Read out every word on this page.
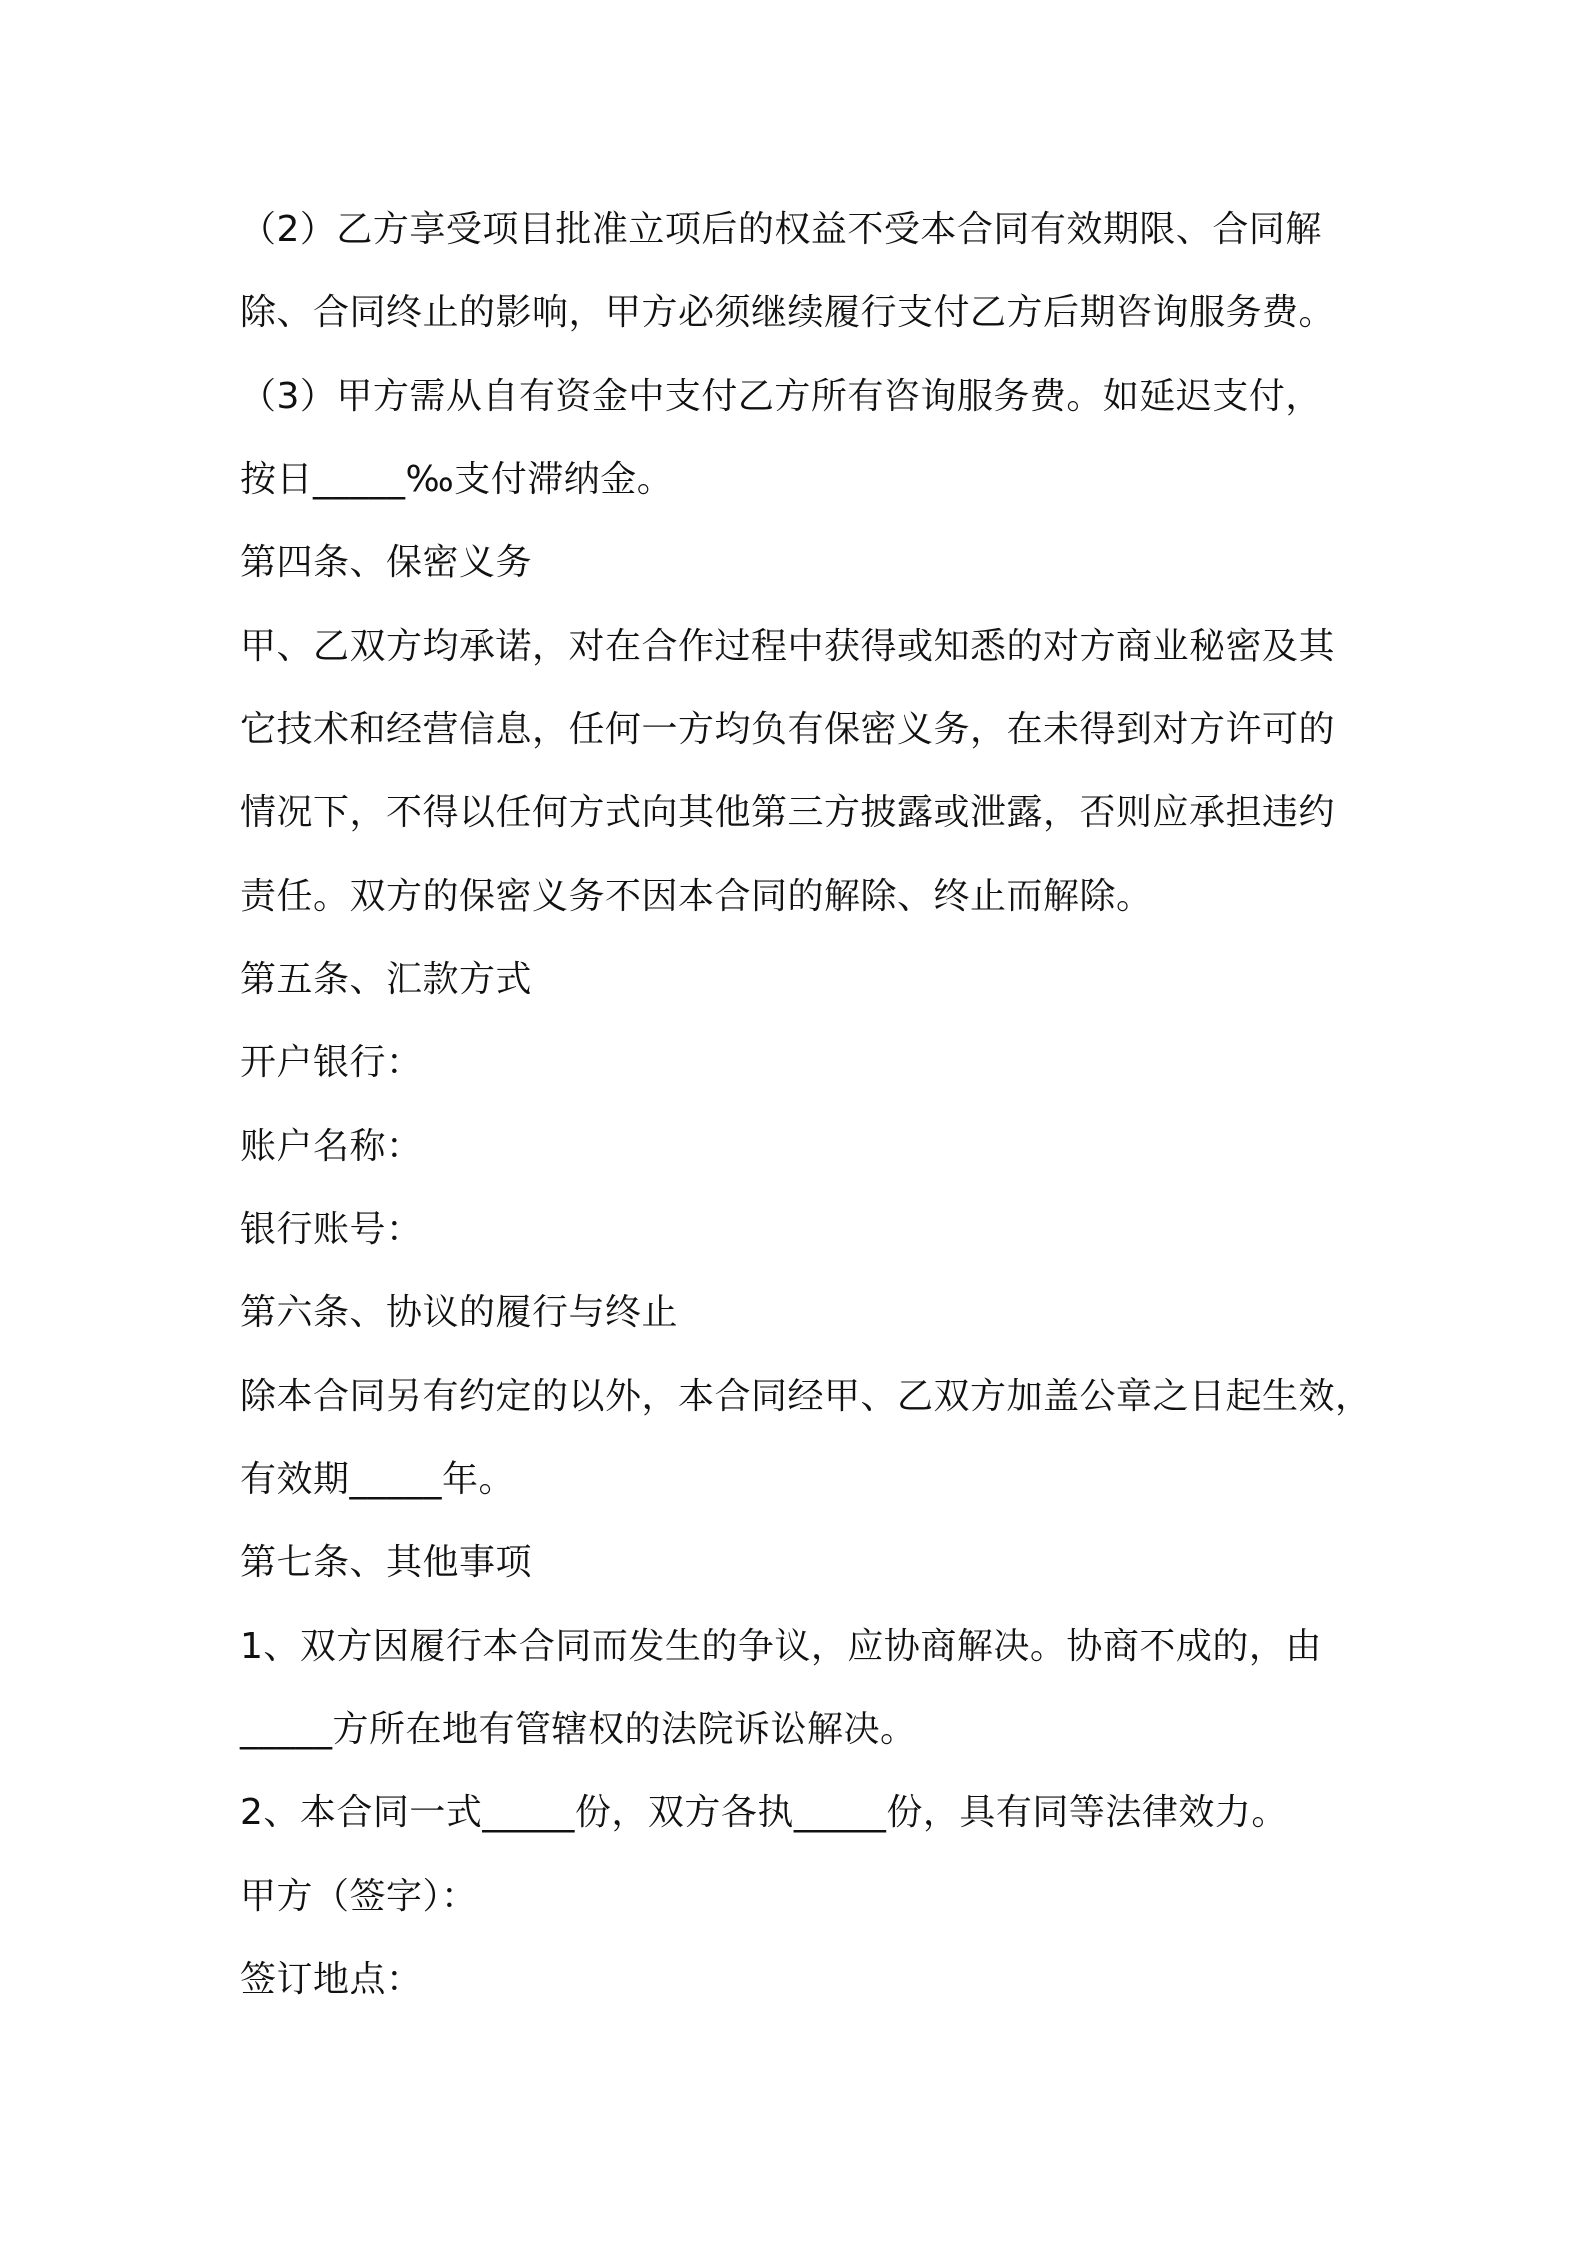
（2）乙方享受项目批准立项后的权益不受本合同有效期限、合同解
除、合同终止的影响，甲方必须继续履行支付乙方后期咨询服务费。
（3）甲方需从自有资金中支付乙方所有咨询服务费。如延迟支付，
按日_____‰支付滞纳金。
第四条、保密义务
甲、乙双方均承诺，对在合作过程中获得或知悉的对方商业秘密及其
它技术和经营信息，任何一方均负有保密义务，在未得到对方许可的
情况下，不得以任何方式向其他第三方披露或泄露，否则应承担违约
责任。双方的保密义务不因本合同的解除、终止而解除。
第五条、汇款方式
开户银行：
账户名称：
银行账号：
第六条、协议的履行与终止
除本合同另有约定的以外，本合同经甲、乙双方加盖公章之日起生效，
有效期_____年。
第七条、其他事项
1、双方因履行本合同而发生的争议，应协商解决。协商不成的，由
_____方所在地有管辖权的法院诉讼解决。
2、本合同一式_____份，双方各执_____份，具有同等法律效力。
甲方（签字）：
签订地点：
